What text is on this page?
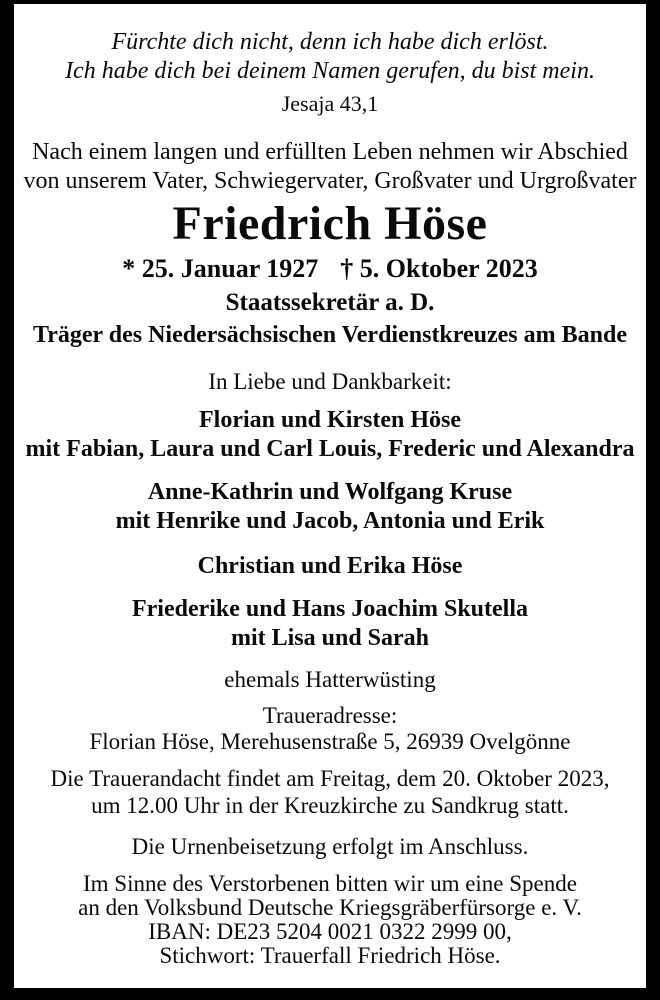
Fürchte dich nicht, denn ich habe dich erlöst.
Ich habe dich bei deinem Namen gerufen, du bist mein.
Jesaja 43,1
Nach einem langen und erfüllten Leben nehmen wir Abschied
von unserem Vater, Schwiegervater, Großvater und Urgroßvater
Friedrich Höse
* 25. Januar 1927 † 5. Oktober 2023
Staatssekretär a. D.
Träger des Niedersächsischen Verdienstkreuzes am Bande
In Liebe und Dankbarkeit:
Florian und Kirsten Höse
mit Fabian, Laura und Carl Louis, Frederic und Alexandra
Anne-Kathrin und Wolfgang Kruse
mit Henrike und Jacob, Antonia und Erik
Christian und Erika Höse
Friederike und Hans Joachim Skutella
mit Lisa und Sarah
ehemals Hatterwüsting
Traueradresse:
Florian Höse, Merehusenstraße 5, 26939 Ovelgönne
Die Trauerandacht findet am Freitag, dem 20. Oktober 2023,
um 12.00 Uhr in der Kreuzkirche zu Sandkrug statt.
Die Urnenbeisetzung erfolgt im Anschluss.
Im Sinne des Verstorbenen bitten wir um eine Spende
an den Volksbund Deutsche Kriegsgräberfürsorge e. V.
IBAN: DE23 5204 0021 0322 2999 00,
Stichwort: Trauerfall Friedrich Höse.
